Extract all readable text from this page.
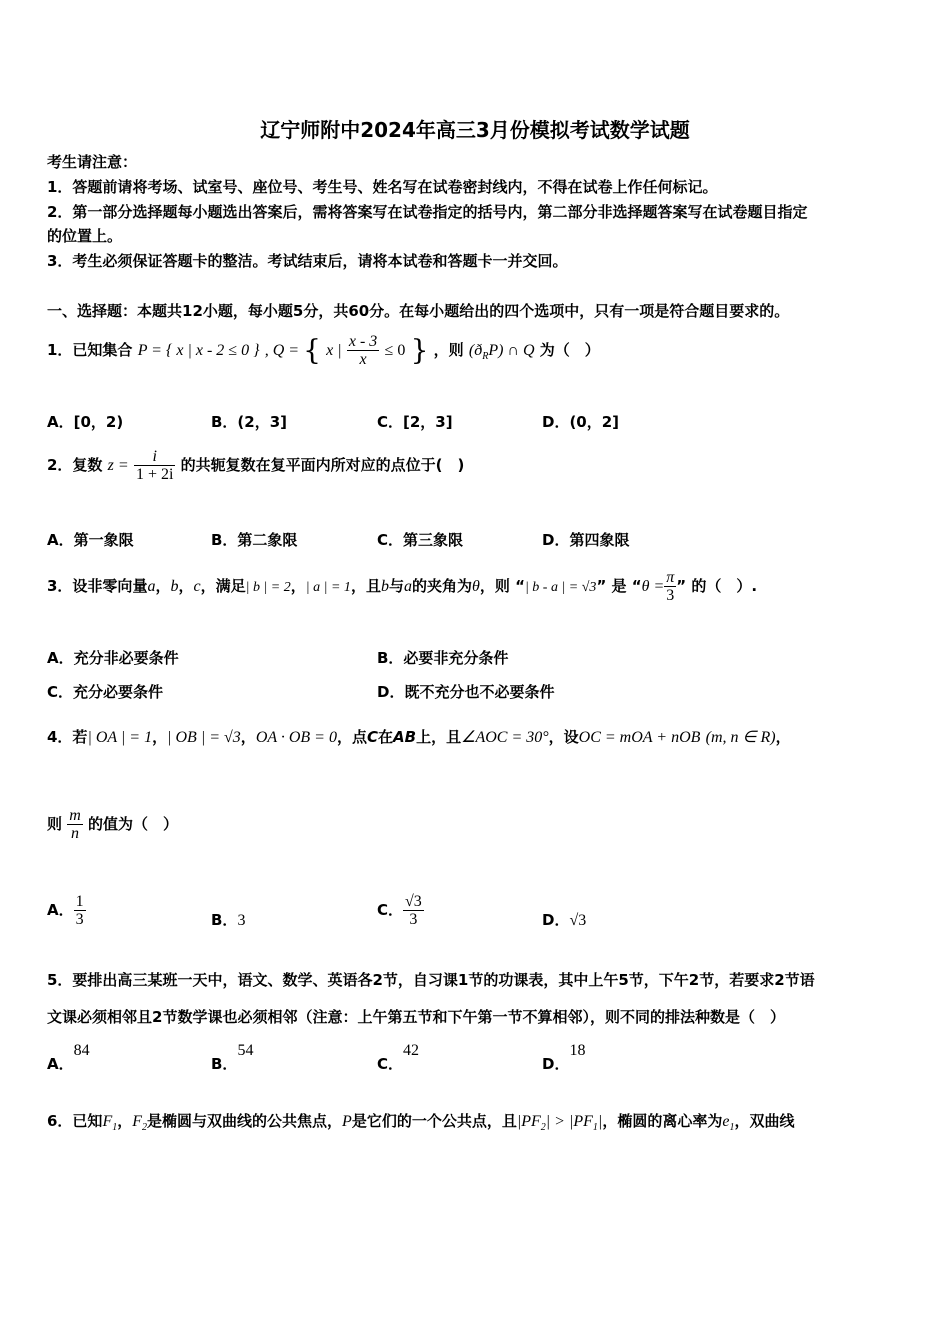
辽宁师附中2024年高三3月份模拟考试数学试题
考生请注意：
1．答题前请将考场、试室号、座位号、考生号、姓名写在试卷密封线内，不得在试卷上作任何标记。
2．第一部分选择题每小题选出答案后，需将答案写在试卷指定的括号内，第二部分非选择题答案写在试卷题目指定
的位置上。
3．考生必须保证答题卡的整洁。考试结束后，请将本试卷和答题卡一并交回。
一、选择题：本题共12小题，每小题5分，共60分。在每小题给出的四个选项中，只有一项是符合题目要求的。
1．已知集合 P = { x | x - 2 ≤ 0 } , Q = { x | $\frac{x - 3}{x} \le 0$ } ，则 $(ð_RP)$ ∩ Q 为（　）
A．[0，2)	B．(2，3]	C．[2，3]	D．(0，2]
2．复数 $z = \frac{i}{1 + 2i}$ 的共轭复数在复平面内所对应的点位于(　)
A．第一象限	B．第二象限	C．第三象限	D．第四象限
3．设非零向量a，b，c，满足| b | = 2，| a | = 1，且b与a的夹角为θ，则 “| b - a | = √3” 是 “$\theta = \frac{\pi}{3}$ ” 的（　）.
A．充分非必要条件	B．必要非充分条件
C．充分必要条件	D．既不充分也不必要条件
4．若| OA | = 1，| OB | = √3，OA · OB = 0，点C在AB上，且∠AOC = 30°，设OC = mOA + nOB (m, n ∈ R)，
则 $\frac{m}{n}$ 的值为（　）
A． $\frac{1}{3}$	B．3
C． $\frac{√3}{3}$	D．√3
5．要排出高三某班一天中，语文、数学、英语各2节，自习课1节的功课表，其中上午5节，下午2节，若要求2节语
文课必须相邻且2节数学课也必须相邻（注意：上午第五节和下午第一节不算相邻），则不同的排法种数是（　）
A．84
B．54
C．42
D．18
6．已知$F_1$，$F_2$是椭圆与双曲线的公共焦点，P是它们的一个公共点，且$|PF_2| > |PF_1|$，椭圆的离心率为$e_1$，双曲线
